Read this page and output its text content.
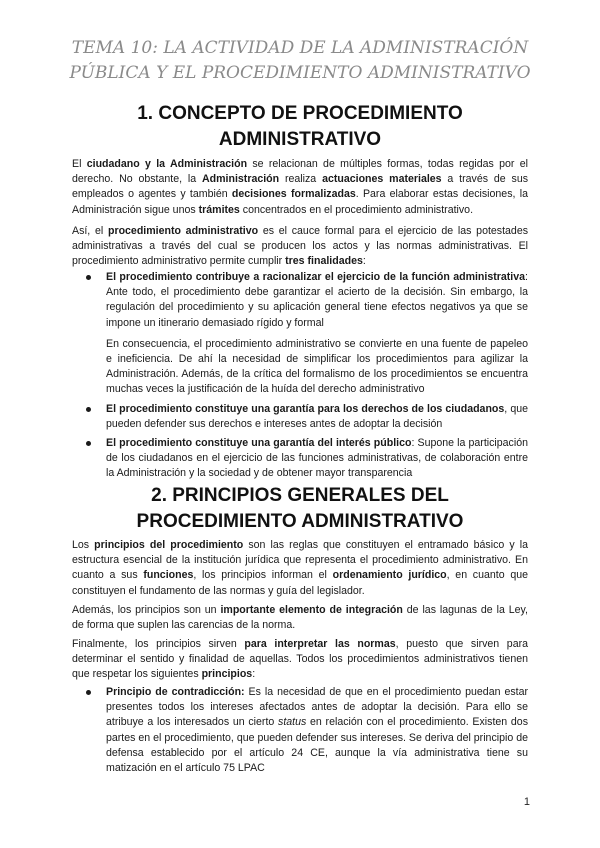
TEMA 10: LA ACTIVIDAD DE LA ADMINISTRACIÓN
PÚBLICA Y EL PROCEDIMIENTO ADMINISTRATIVO
1. CONCEPTO DE PROCEDIMIENTO
ADMINISTRATIVO

El ciudadano y la Administración se relacionan de múltiples formas, todas regidas por el derecho. No obstante, la Administración realiza actuaciones materiales a través de sus empleados o agentes y también decisiones formalizadas. Para elaborar estas decisiones, la Administración sigue unos trámites concentrados en el procedimiento administrativo.

Así, el procedimiento administrativo es el cauce formal para el ejercicio de las potestades administrativas a través del cual se producen los actos y las normas administrativas. El procedimiento administrativo permite cumplir tres finalidades:

El procedimiento contribuye a racionalizar el ejercicio de la función administrativa: Ante todo, el procedimiento debe garantizar el acierto de la decisión. Sin embargo, la regulación del procedimiento y su aplicación general tiene efectos negativos ya que se impone un itinerario demasiado rígido y formal
En consecuencia, el procedimiento administrativo se convierte en una fuente de papeleo e ineficiencia. De ahí la necesidad de simplificar los procedimientos para agilizar la Administración. Además, de la crítica del formalismo de los procedimientos se encuentra muchas veces la justificación de la huída del derecho administrativo
El procedimiento constituye una garantía para los derechos de los ciudadanos, que pueden defender sus derechos e intereses antes de adoptar la decisión
El procedimiento constituye una garantía del interés público: Supone la participación de los ciudadanos en el ejercicio de las funciones administrativas, de colaboración entre la Administración y la sociedad y de obtener mayor transparencia
2. PRINCIPIOS GENERALES DEL
PROCEDIMIENTO ADMINISTRATIVO

Los principios del procedimiento son las reglas que constituyen el entramado básico y la estructura esencial de la institución jurídica que representa el procedimiento administrativo. En cuanto a sus funciones, los principios informan el ordenamiento jurídico, en cuanto que constituyen el fundamento de las normas y guía del legislador.

Además, los principios son un importante elemento de integración de las lagunas de la Ley, de forma que suplen las carencias de la norma.

Finalmente, los principios sirven para interpretar las normas, puesto que sirven para determinar el sentido y finalidad de aquellas. Todos los procedimientos administrativos tienen que respetar los siguientes principios:

Principio de contradicción: Es la necesidad de que en el procedimiento puedan estar presentes todos los intereses afectados antes de adoptar la decisión. Para ello se atribuye a los interesados un cierto status en relación con el procedimiento. Existen dos partes en el procedimiento, que pueden defender sus intereses. Se deriva del principio de defensa establecido por el artículo 24 CE, aunque la vía administrativa tiene su matización en el artículo 75 LPAC
1
